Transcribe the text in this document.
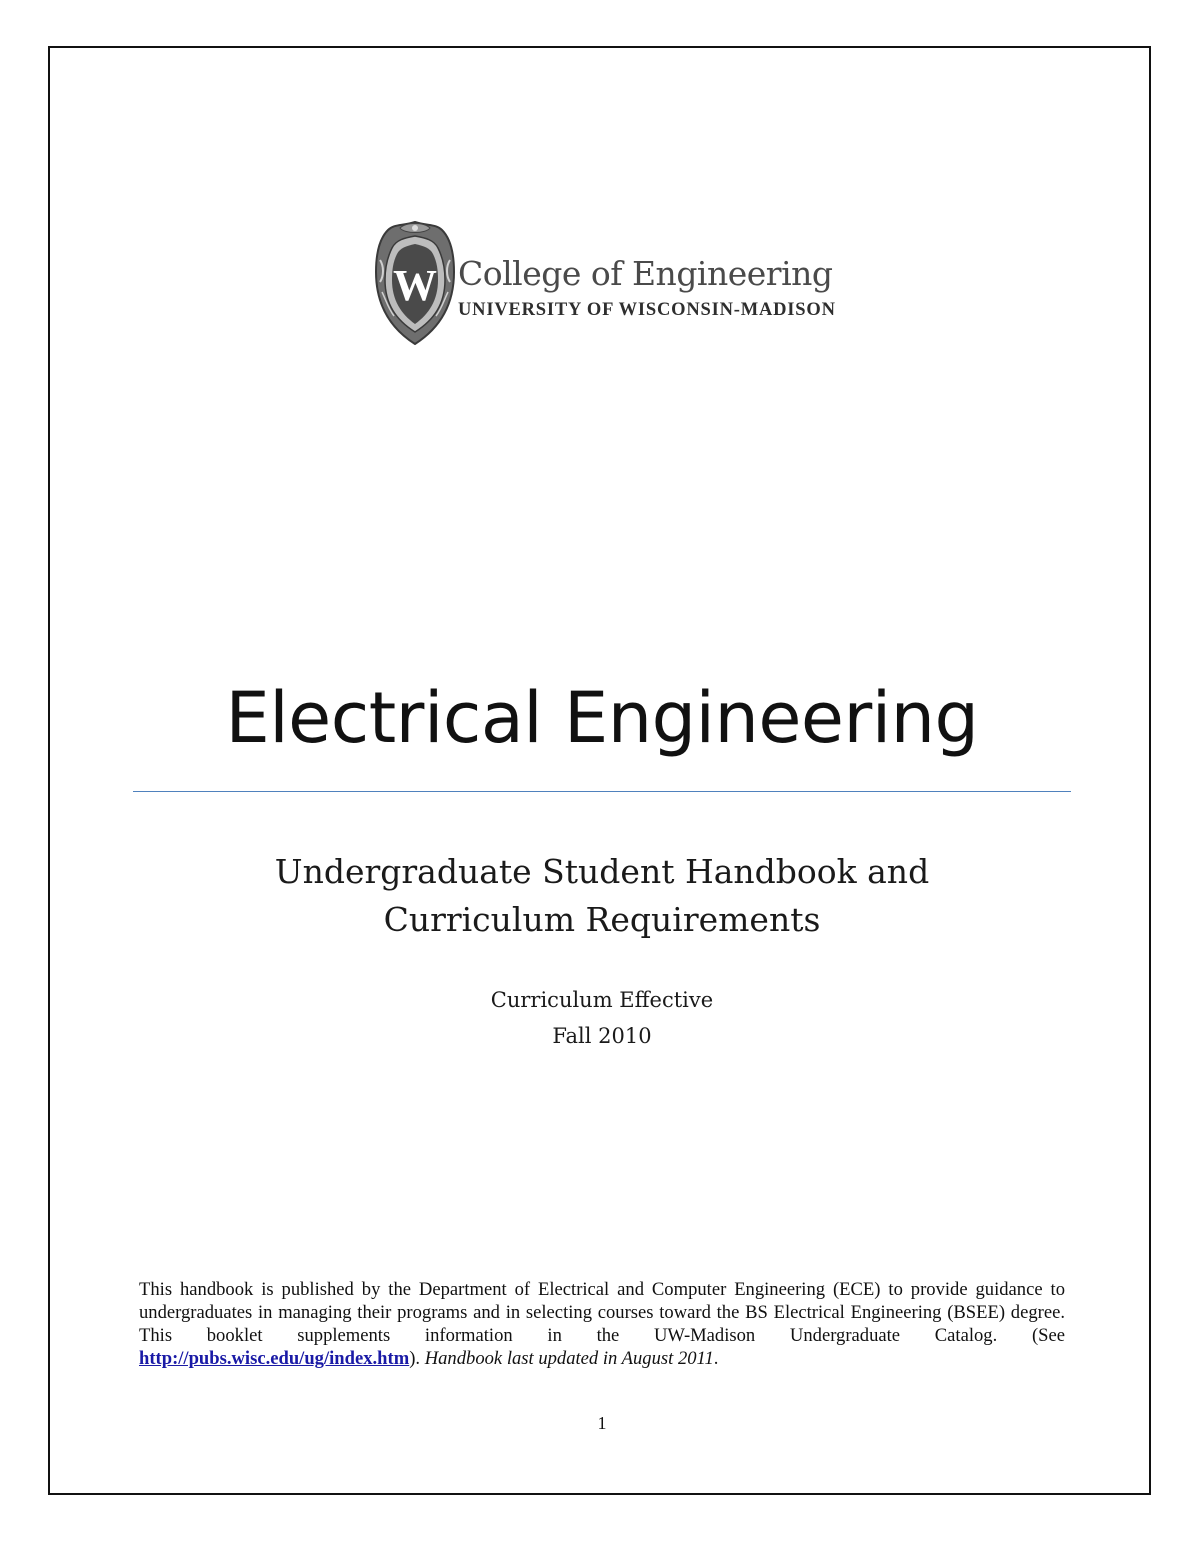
W College of Engineering
UNIVERSITY OF WISCONSIN-MADISON
Electrical Engineering
Undergraduate Student Handbook and
Curriculum Requirements
Curriculum Effective
Fall 2010

This handbook is published by the Department of Electrical and Computer Engineering (ECE) to provide guidance to undergraduates in managing their programs and in selecting courses toward the BS Electrical Engineering (BSEE) degree. This booklet supplements information in the UW-Madison Undergraduate Catalog. (See http://pubs.wisc.edu/ug/index.htm). Handbook last updated in August 2011.

1
